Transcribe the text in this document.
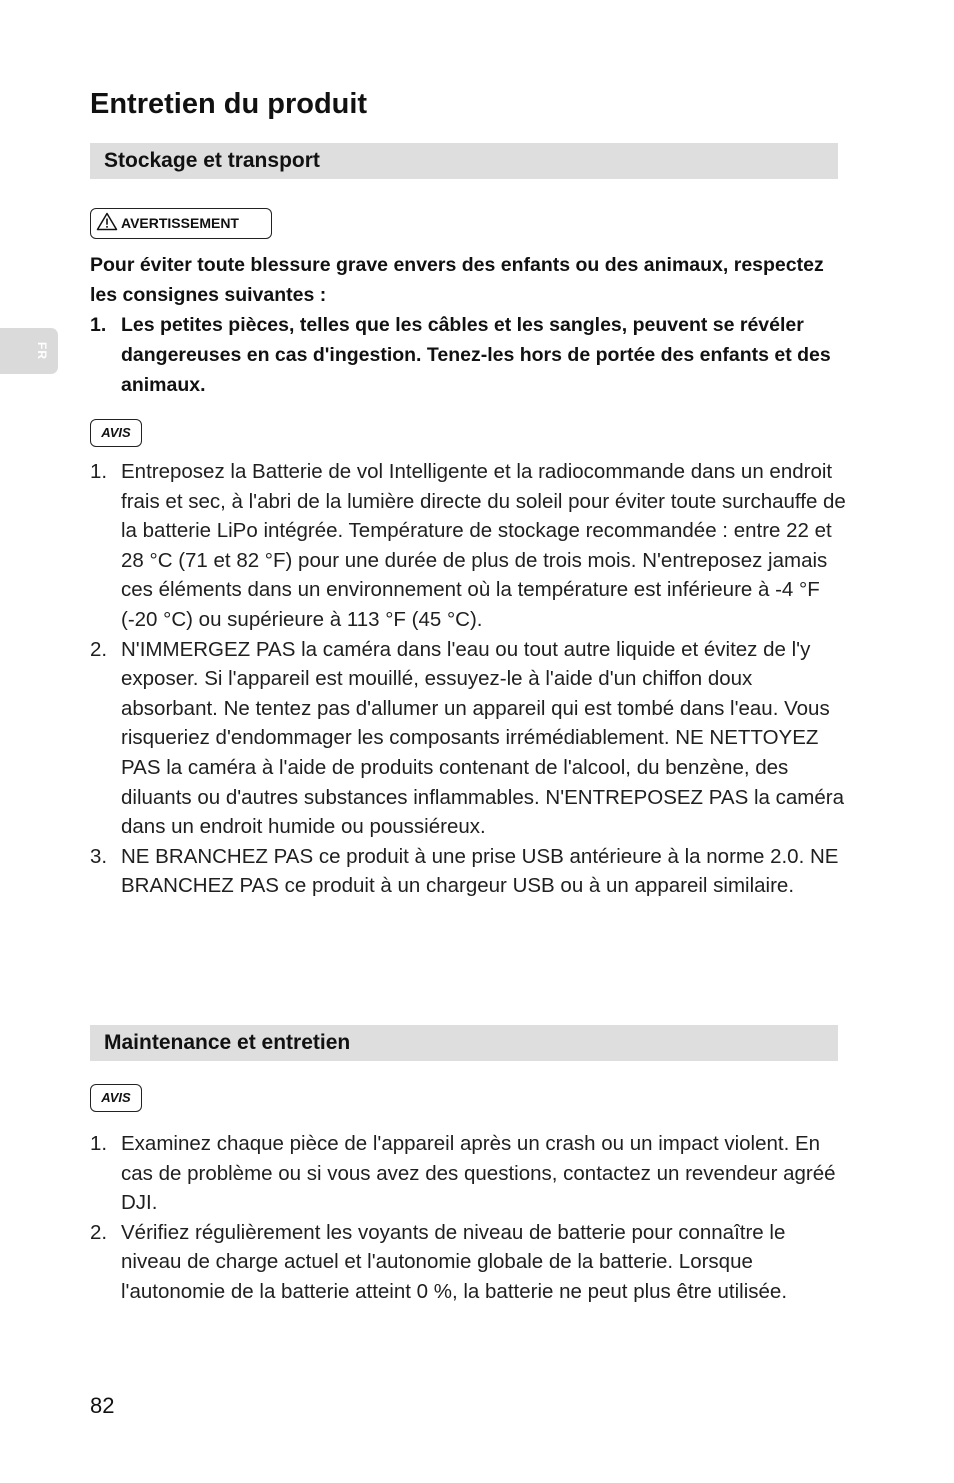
Entretien du produit
FR
Stockage et transport
AVERTISSEMENT

Pour éviter toute blessure grave envers des enfants ou des animaux, respectez les consignes suivantes :

1. Les petites pièces, telles que les câbles et les sangles, peuvent se révéler dangereuses en cas d'ingestion. Tenez-les hors de portée des enfants et des animaux.
AVIS
1. Entreposez la Batterie de vol Intelligente et la radiocommande dans un endroit frais et sec, à l'abri de la lumière directe du soleil pour éviter toute surchauffe de la batterie LiPo intégrée. Température de stockage recommandée : entre 22 et 28 °C (71 et 82 °F) pour une durée de plus de trois mois. N'entreposez jamais ces éléments dans un environnement où la température est inférieure à -4 °F (-20 °C) ou supérieure à 113 °F (45 °C).
2. N'IMMERGEZ PAS la caméra dans l'eau ou tout autre liquide et évitez de l'y exposer. Si l'appareil est mouillé, essuyez-le à l'aide d'un chiffon doux absorbant. Ne tentez pas d'allumer un appareil qui est tombé dans l'eau. Vous risqueriez d'endommager les composants irrémédiablement. NE NETTOYEZ PAS la caméra à l'aide de produits contenant de l'alcool, du benzène, des diluants ou d'autres substances inflammables. N'ENTREPOSEZ PAS la caméra dans un endroit humide ou poussiéreux.
3. NE BRANCHEZ PAS ce produit à une prise USB antérieure à la norme 2.0. NE BRANCHEZ PAS ce produit à un chargeur USB ou à un appareil similaire.
Maintenance et entretien
AVIS
1. Examinez chaque pièce de l'appareil après un crash ou un impact violent. En cas de problème ou si vous avez des questions, contactez un revendeur agréé DJI.
2. Vérifiez régulièrement les voyants de niveau de batterie pour connaître le niveau de charge actuel et l'autonomie globale de la batterie. Lorsque l'autonomie de la batterie atteint 0 %, la batterie ne peut plus être utilisée.
82
